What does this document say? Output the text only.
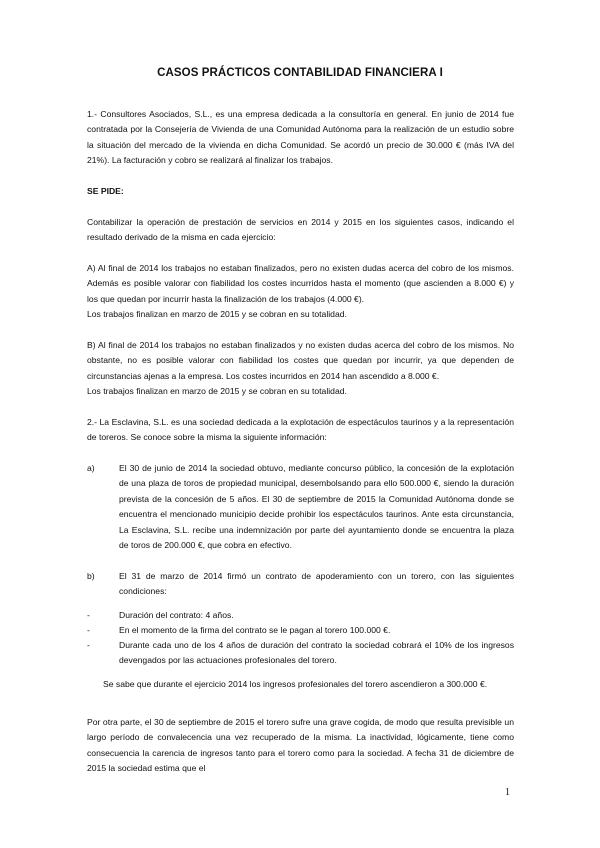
CASOS PRÁCTICOS CONTABILIDAD FINANCIERA I

1.- Consultores Asociados, S.L., es una empresa dedicada a la consultoría en general. En junio de 2014 fue contratada por la Consejería de Vivienda de una Comunidad Autónoma para la realización de un estudio sobre la situación del mercado de la vivienda en dicha Comunidad. Se acordó un precio de 30.000 € (más IVA del 21%). La facturación y cobro se realizará al finalizar los trabajos.

SE PIDE:

Contabilizar la operación de prestación de servicios en 2014 y 2015 en los siguientes casos, indicando el resultado derivado de la misma en cada ejercicio:

A) Al final de 2014 los trabajos no estaban finalizados, pero no existen dudas acerca del cobro de los mismos. Además es posible valorar con fiabilidad los costes incurridos hasta el momento (que ascienden a 8.000 €) y los que quedan por incurrir hasta la finalización de los trabajos (4.000 €).

Los trabajos finalizan en marzo de 2015 y se cobran en su totalidad.

B) Al final de 2014 los trabajos no estaban finalizados y no existen dudas acerca del cobro de los mismos. No obstante, no es posible valorar con fiabilidad los costes que quedan por incurrir, ya que dependen de circunstancias ajenas a la empresa. Los costes incurridos en 2014 han ascendido a 8.000 €.

Los trabajos finalizan en marzo de 2015 y se cobran en su totalidad.

2.- La Esclavina, S.L. es una sociedad dedicada a la explotación de espectáculos taurinos y a la representación de toreros. Se conoce sobre la misma la siguiente información:

a)	El 30 de junio de 2014 la sociedad obtuvo, mediante concurso público, la concesión de la explotación de una plaza de toros de propiedad municipal, desembolsando para ello 500.000 €, siendo la duración prevista de la concesión de 5 años. El 30 de septiembre de 2015 la Comunidad Autónoma donde se encuentra el mencionado municipio decide prohibir los espectáculos taurinos. Ante esta circunstancia, La Esclavina, S.L. recibe una indemnización por parte del ayuntamiento donde se encuentra la plaza de toros de 200.000 €, que cobra en efectivo.
b)	El 31 de marzo de 2014 firmó un contrato de apoderamiento con un torero, con las siguientes condiciones:
-	Duración del contrato: 4 años.
-	En el momento de la firma del contrato se le pagan al torero 100.000 €.
-	Durante cada uno de los 4 años de duración del contrato la sociedad cobrará el 10% de los ingresos devengados por las actuaciones profesionales del torero.

Se sabe que durante el ejercicio 2014 los ingresos profesionales del torero ascendieron a 300.000 €.

Por otra parte, el 30 de septiembre de 2015 el torero sufre una grave cogida, de modo que resulta previsible un largo período de convalecencia una vez recuperado de la misma. La inactividad, lógicamente, tiene como consecuencia la carencia de ingresos tanto para el torero como para la sociedad. A fecha 31 de diciembre de 2015 la sociedad estima que el

1
